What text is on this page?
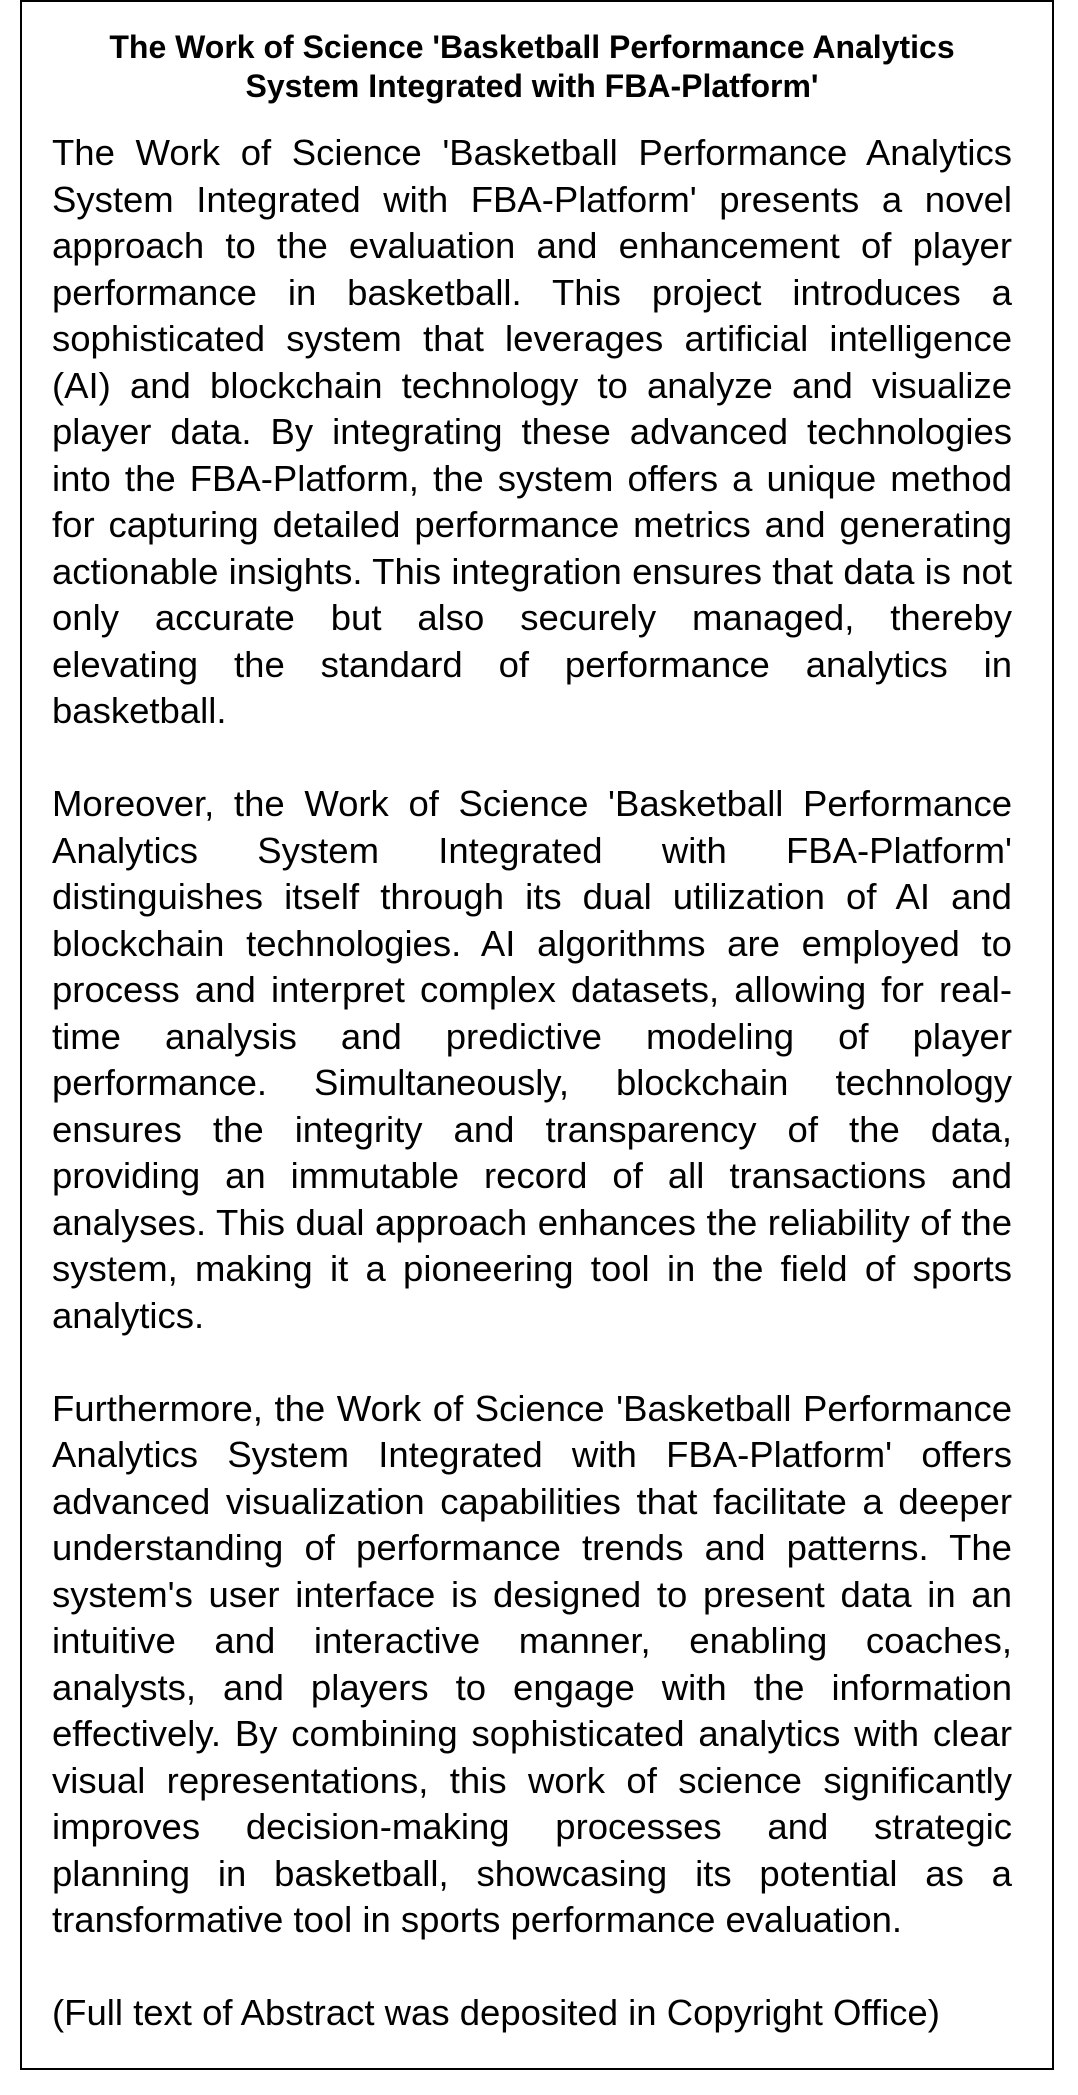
The Work of Science 'Basketball Performance Analytics System Integrated with FBA-Platform'

The Work of Science 'Basketball Performance Analytics System Integrated with FBA-Platform' presents a novel approach to the evaluation and enhancement of player performance in basketball. This project introduces a sophisticated system that leverages artificial intelligence (AI) and blockchain technology to analyze and visualize player data. By integrating these advanced technologies into the FBA-Platform, the system offers a unique method for capturing detailed performance metrics and generating actionable insights. This integration ensures that data is not only accurate but also securely managed, thereby elevating the standard of performance analytics in basketball.

Moreover, the Work of Science 'Basketball Performance Analytics System Integrated with FBA-Platform' distinguishes itself through its dual utilization of AI and blockchain technologies. AI algorithms are employed to process and interpret complex datasets, allowing for real-time analysis and predictive modeling of player performance. Simultaneously, blockchain technology ensures the integrity and transparency of the data, providing an immutable record of all transactions and analyses. This dual approach enhances the reliability of the system, making it a pioneering tool in the field of sports analytics.

Furthermore, the Work of Science 'Basketball Performance Analytics System Integrated with FBA-Platform' offers advanced visualization capabilities that facilitate a deeper understanding of performance trends and patterns. The system's user interface is designed to present data in an intuitive and interactive manner, enabling coaches, analysts, and players to engage with the information effectively. By combining sophisticated analytics with clear visual representations, this work of science significantly improves decision-making processes and strategic planning in basketball, showcasing its potential as a transformative tool in sports performance evaluation.

(Full text of Abstract was deposited in Copyright Office)
